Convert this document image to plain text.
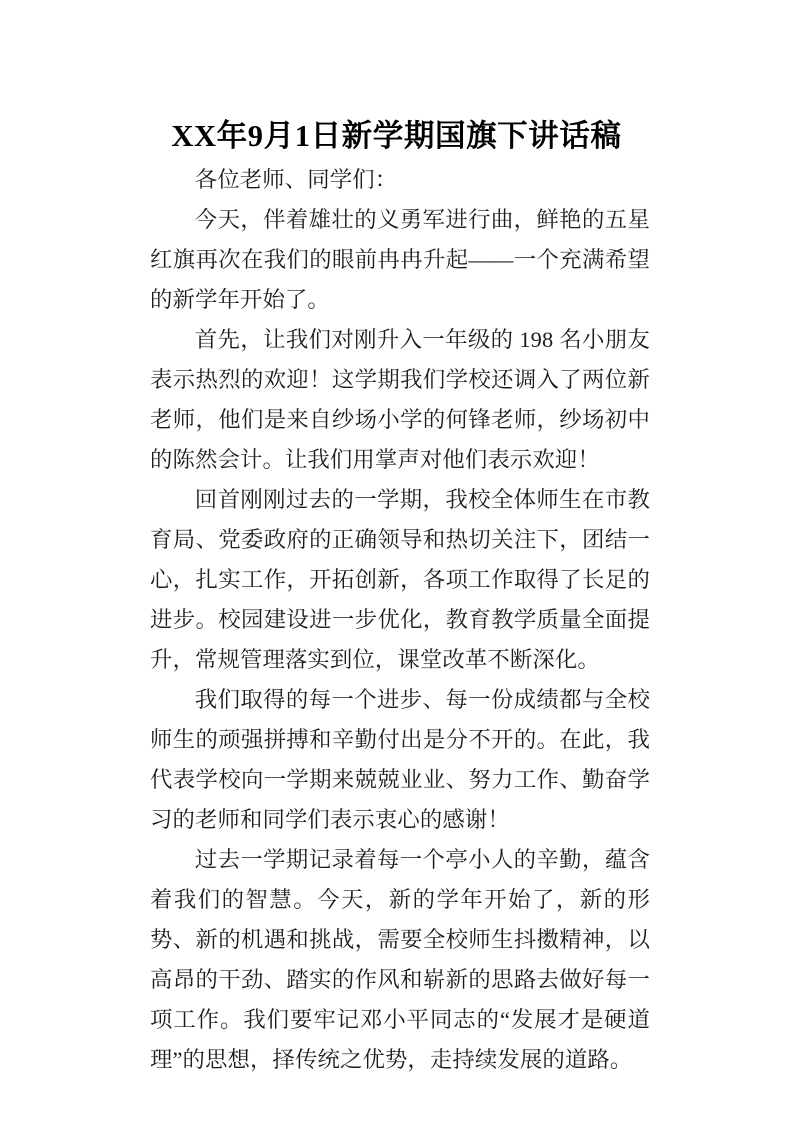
XX年9月1日新学期国旗下讲话稿

各位老师、同学们：

今天，伴着雄壮的义勇军进行曲，鲜艳的五星红旗再次在我们的眼前冉冉升起——一个充满希望的新学年开始了。

首先，让我们对刚升入一年级的 198 名小朋友表示热烈的欢迎！这学期我们学校还调入了两位新老师，他们是来自纱场小学的何锋老师，纱场初中的陈然会计。让我们用掌声对他们表示欢迎！

回首刚刚过去的一学期，我校全体师生在市教育局、党委政府的正确领导和热切关注下，团结一心，扎实工作，开拓创新，各项工作取得了长足的进步。校园建设进一步优化，教育教学质量全面提升，常规管理落实到位，课堂改革不断深化。

我们取得的每一个进步、每一份成绩都与全校师生的顽强拼搏和辛勤付出是分不开的。在此，我代表学校向一学期来兢兢业业、努力工作、勤奋学习的老师和同学们表示衷心的感谢！

过去一学期记录着每一个亭小人的辛勤，蕴含着我们的智慧。今天，新的学年开始了，新的形势、新的机遇和挑战，需要全校师生抖擞精神，以高昂的干劲、踏实的作风和崭新的思路去做好每一项工作。我们要牢记邓小平同志的“发展才是硬道理”的思想，择传统之优势，走持续发展的道路。
